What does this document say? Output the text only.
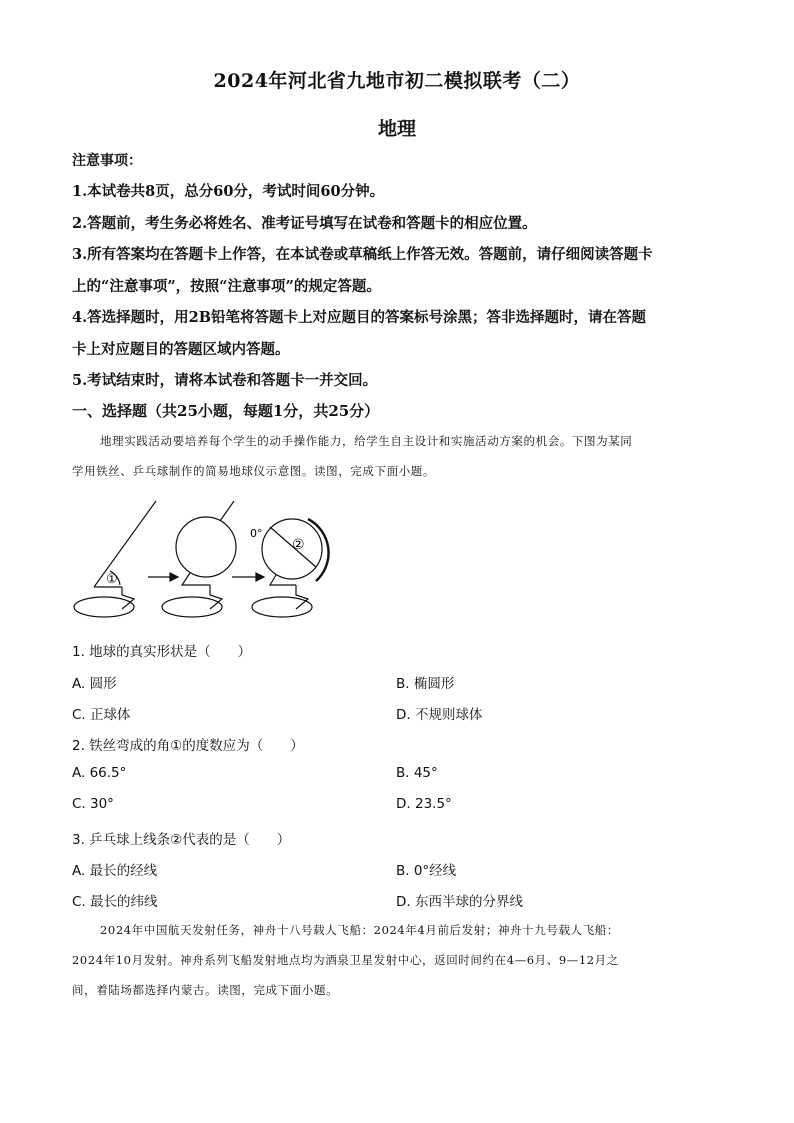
2024年河北省九地市初二模拟联考（二）
地理
注意事项：
1.本试卷共8页，总分60分，考试时间60分钟。
2.答题前，考生务必将姓名、准考证号填写在试卷和答题卡的相应位置。
3.所有答案均在答题卡上作答，在本试卷或草稿纸上作答无效。答题前，请仔细阅读答题卡
上的“注意事项”，按照“注意事项”的规定答题。
4.答选择题时，用2B铅笔将答题卡上对应题目的答案标号涂黑；答非选择题时，请在答题
卡上对应题目的答题区域内答题。
5.考试结束时，请将本试卷和答题卡一并交回。
一、选择题（共25小题，每题1分，共25分）
地理实践活动要培养每个学生的动手操作能力，给学生自主设计和实施活动方案的机会。下图为某同
学用铁丝、乒乓球制作的简易地球仪示意图。读图，完成下面小题。
①
②
0°
1. 地球的真实形状是（　　）
A. 圆形	B. 椭圆形
C. 正球体	D. 不规则球体
2. 铁丝弯成的角①的度数应为（　　）
A. 66.5°	B. 45°
C. 30°	D. 23.5°
3. 乒乓球上线条②代表的是（　　）
A. 最长的经线	B. 0°经线
C. 最长的纬线	D. 东西半球的分界线
2024年中国航天发射任务，神舟十八号载人飞船：2024年4月前后发射；神舟十九号载人飞船：
2024年10月发射。神舟系列飞船发射地点均为酒泉卫星发射中心，返回时间约在4—6月、9—12月之
间，着陆场都选择内蒙古。读图，完成下面小题。
